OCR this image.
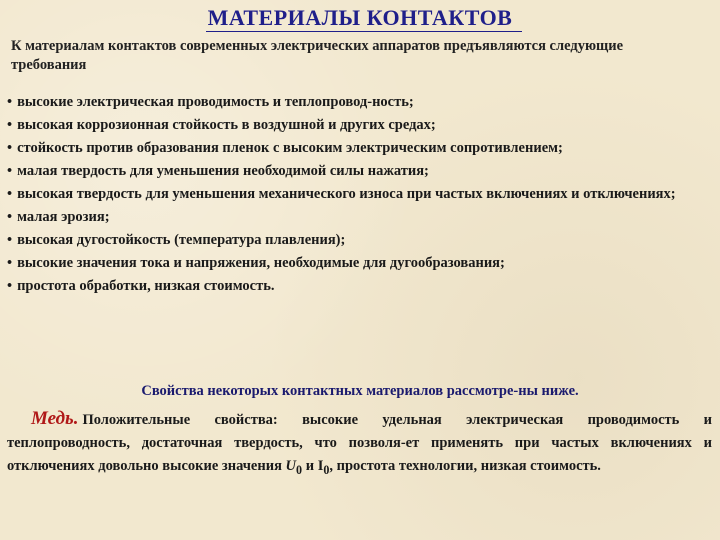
МАТЕРИАЛЫ КОНТАКТОВ
К материалам контактов современных электрических аппаратов предъявляются следующие требования
• высокие электрическая проводимость и теплопровод-ность;
• высокая коррозионная стойкость в воздушной и других средах;
• стойкость против образования пленок с высоким электрическим сопротивлением;
• малая твердость для уменьшения необходимой силы нажатия;
• высокая твердость для уменьшения механического износа при частых включениях и отключениях;
• малая эрозия;
• высокая дугостойкость (температура плавления);
• высокие значения тока и напряжения, необходимые для дугообразования;
• простота обработки, низкая стоимость.
Свойства некоторых контактных материалов рассмотре-ны ниже.
Медь. Положительные свойства: высокие удельная электрическая проводимость и теплопроводность, достаточная твердость, что позволя-ет применять при частых включениях и отключениях довольно высокие значения $U_0$ и $I_0$, простота технологии, низкая стоимость.
